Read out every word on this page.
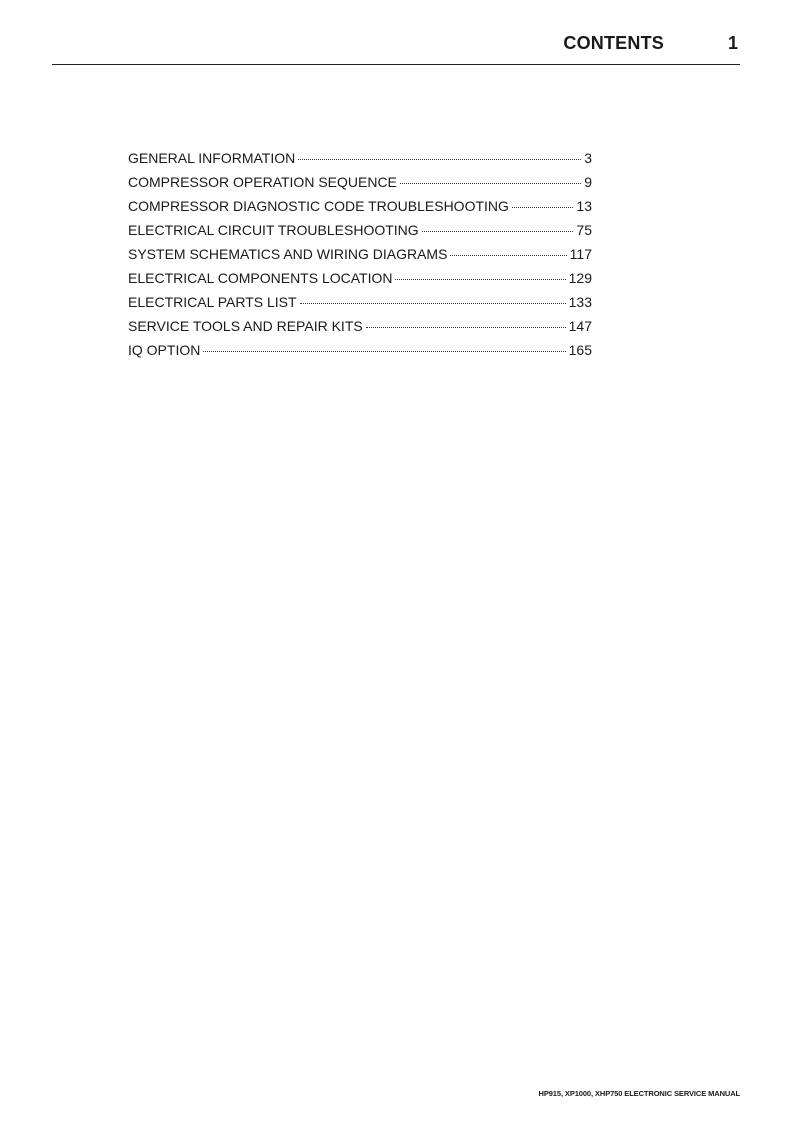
CONTENTS	1
GENERAL INFORMATION	3
COMPRESSOR OPERATION SEQUENCE	9
COMPRESSOR DIAGNOSTIC CODE TROUBLESHOOTING	13
ELECTRICAL CIRCUIT TROUBLESHOOTING	75
SYSTEM SCHEMATICS AND WIRING DIAGRAMS	117
ELECTRICAL COMPONENTS LOCATION	129
ELECTRICAL PARTS LIST	133
SERVICE TOOLS AND REPAIR KITS	147
IQ OPTION	165
HP915, XP1000, XHP750 ELECTRONIC SERVICE MANUAL
